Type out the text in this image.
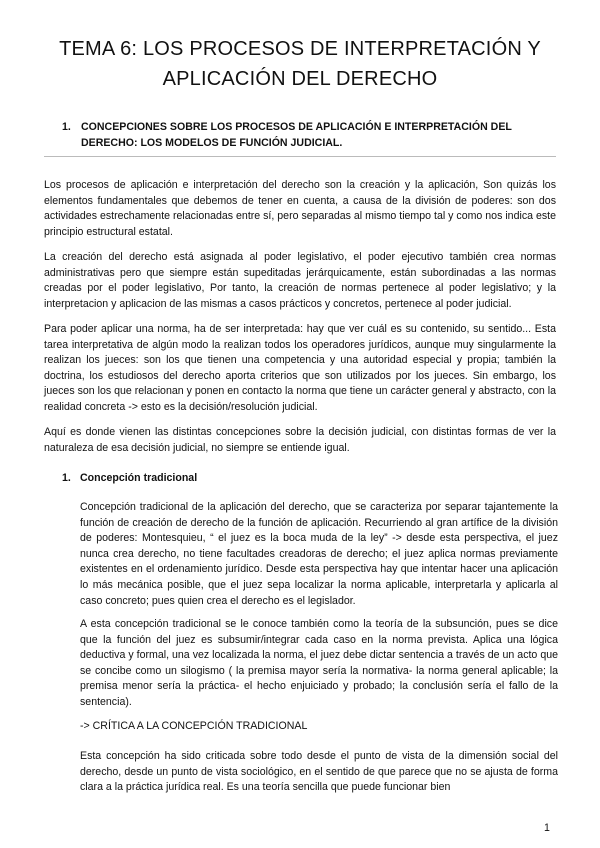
TEMA 6: LOS PROCESOS DE INTERPRETACIÓN Y
APLICACIÓN DEL DERECHO
1. CONCEPCIONES SOBRE LOS PROCESOS DE APLICACIÓN E INTERPRETACIÓN DEL DERECHO: LOS MODELOS DE FUNCIÓN JUDICIAL.

Los procesos de aplicación e interpretación del derecho son la creación y la aplicación, Son quizás los elementos fundamentales que debemos de tener en cuenta, a causa de la división de poderes: son dos actividades estrechamente relacionadas entre sí, pero separadas al mismo tiempo tal y como nos indica este principio estructural estatal.

La creación del derecho está asignada al poder legislativo, el poder ejecutivo también crea normas administrativas pero que siempre están supeditadas jerárquicamente, están subordinadas a las normas creadas por el poder legislativo, Por tanto, la creación de normas pertenece al poder legislativo; y la interpretacion y aplicacion de las mismas a casos prácticos y concretos, pertenece al poder judicial.

Para poder aplicar una norma, ha de ser interpretada: hay que ver cuál es su contenido, su sentido... Esta tarea interpretativa de algún modo la realizan todos los operadores jurídicos, aunque muy singularmente la realizan los jueces: son los que tienen una competencia y una autoridad especial y propia; también la doctrina, los estudiosos del derecho aporta criterios que son utilizados por los jueces. Sin embargo, los jueces son los que relacionan y ponen en contacto la norma que tiene un carácter general y abstracto, con la realidad concreta -> esto es la decisión/resolución judicial.

Aquí es donde vienen las distintas concepciones sobre la decisión judicial, con distintas formas de ver la naturaleza de esa decisión judicial, no siempre se entiende igual.

1. Concepción tradicional

Concepción tradicional de la aplicación del derecho, que se caracteriza por separar tajantemente la función de creación de derecho de la función de aplicación. Recurriendo al gran artífice de la división de poderes: Montesquieu, “ el juez es la boca muda de la ley” -> desde esta perspectiva, el juez nunca crea derecho, no tiene facultades creadoras de derecho; el juez aplica normas previamente existentes en el ordenamiento jurídico. Desde esta perspectiva hay que intentar hacer una aplicación lo más mecánica posible, que el juez sepa localizar la norma aplicable, interpretarla y aplicarla al caso concreto; pues quien crea el derecho es el legislador.

A esta concepción tradicional se le conoce también como la teoría de la subsunción, pues se dice que la función del juez es subsumir/integrar cada caso en la norma prevista. Aplica una lógica deductiva y formal, una vez localizada la norma, el juez debe dictar sentencia a través de un acto que se concibe como un silogismo ( la premisa mayor sería la normativa- la norma general aplicable; la premisa menor sería la práctica- el hecho enjuiciado y probado; la conclusión sería el fallo de la sentencia).

-> CRÍTICA A LA CONCEPCIÓN TRADICIONAL

Esta concepción ha sido criticada sobre todo desde el punto de vista de la dimensión social del derecho, desde un punto de vista sociológico, en el sentido de que parece que no se ajusta de forma clara a la práctica jurídica real. Es una teoría sencilla que puede funcionar bien

1
